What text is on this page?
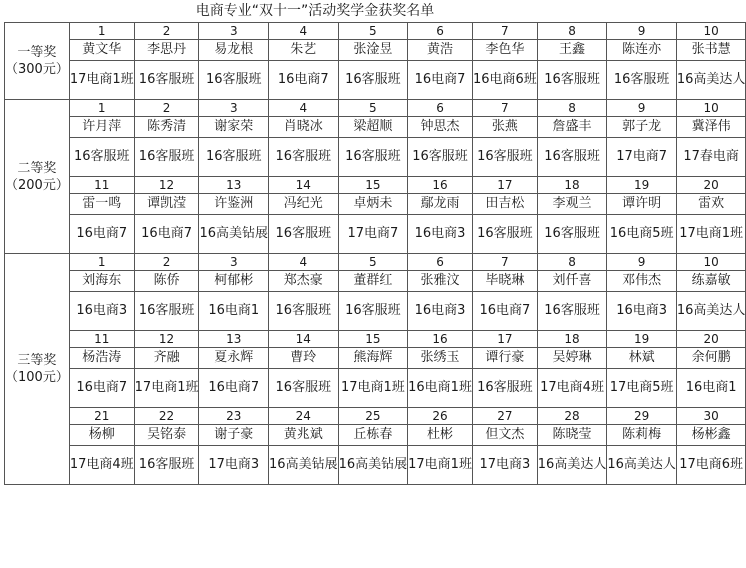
电商专业“双十一”活动奖学金获奖名单
一等奖
（300元）	1	2	3	4	5	6	7	8	9	10
	黄文华	李思丹	易龙根	朱艺	张淦昱	黄浩	李色华	王鑫	陈连亦	张书慧
	17电商1班	16客服班	16客服班	16电商7	16客服班	16电商7	16电商6班	16客服班	16客服班	16高美达人

二等奖
（200元）	1	2	3	4	5	6	7	8	9	10
	许月萍	陈秀清	谢家荣	肖晓冰	梁超顺	钟思杰	张燕	詹盛丰	郭子龙	冀泽伟
	16客服班	16客服班	16客服班	16客服班	16客服班	16客服班	16客服班	16客服班	17电商7	17春电商
	11	12	13	14	15	16	17	18	19	20
	雷一鸣	谭凯滢	许鉴洲	冯纪光	卓炳未	鄢龙雨	田吉松	李观兰	谭许明	雷欢
	16电商7	16电商7	16高美钻展	16客服班	17电商7	16电商3	16客服班	16客服班	16电商5班	17电商1班

三等奖
（100元）	1	2	3	4	5	6	7	8	9	10
	刘海东	陈侨	柯郁彬	郑杰豪	董群红	张雅汶	毕晓琳	刘仟喜	邓伟杰	练嘉敏
	16电商3	16客服班	16电商1	16客服班	16客服班	16电商3	16电商7	16客服班	16电商3	16高美达人
	11	12	13	14	15	16	17	18	19	20
	杨浩涛	齐融	夏永辉	曹玲	熊海辉	张绣玉	谭行豪	吴婷琳	林斌	余何鹏
	16电商7	17电商1班	16电商7	16客服班	17电商1班	16电商1班	16客服班	17电商4班	17电商5班	16电商1
	21	22	23	24	25	26	27	28	29	30
	杨柳	吴铭泰	谢子豪	黄兆斌	丘栋春	杜彬	但文杰	陈晓莹	陈莉梅	杨彬鑫
	17电商4班	16客服班	17电商3	16高美钻展	16高美钻展	17电商1班	17电商3	16高美达人	16高美达人	17电商6班
